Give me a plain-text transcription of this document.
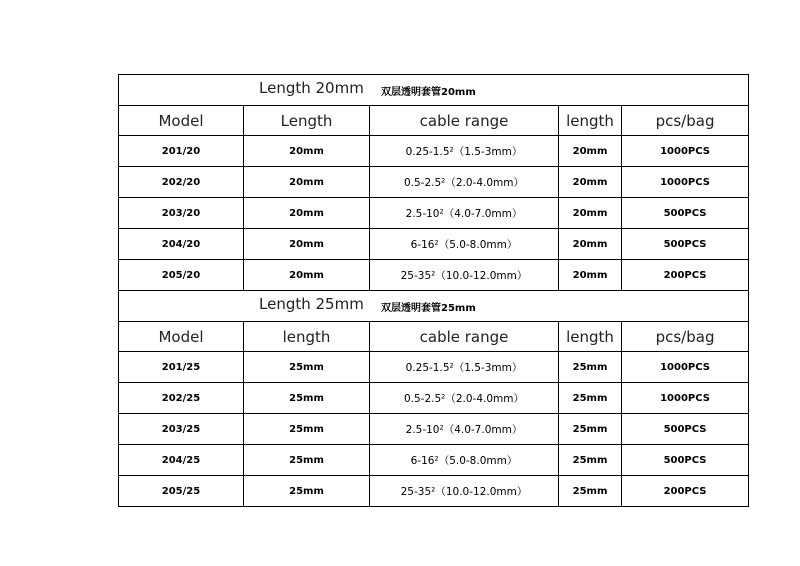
Length 20mm 双层透明套管20mm				

Model	Length	cable range	length	pcs/bag
201/20	20mm	0.25-1.5²（1.5-3mm）	20mm	1000PCS
202/20	20mm	0.5-2.5²（2.0-4.0mm）	20mm	1000PCS
203/20	20mm	2.5-10²（4.0-7.0mm）	20mm	500PCS
204/20	20mm	6-16²（5.0-8.0mm）	20mm	500PCS
205/20	20mm	25-35²（10.0-12.0mm）	20mm	200PCS

Length 25mm 双层透明套管25mm				

Model	length	cable range	length	pcs/bag
201/25	25mm	0.25-1.5²（1.5-3mm）	25mm	1000PCS
202/25	25mm	0.5-2.5²（2.0-4.0mm）	25mm	1000PCS
203/25	25mm	2.5-10²（4.0-7.0mm）	25mm	500PCS
204/25	25mm	6-16²（5.0-8.0mm）	25mm	500PCS
205/25	25mm	25-35²（10.0-12.0mm）	25mm	200PCS
